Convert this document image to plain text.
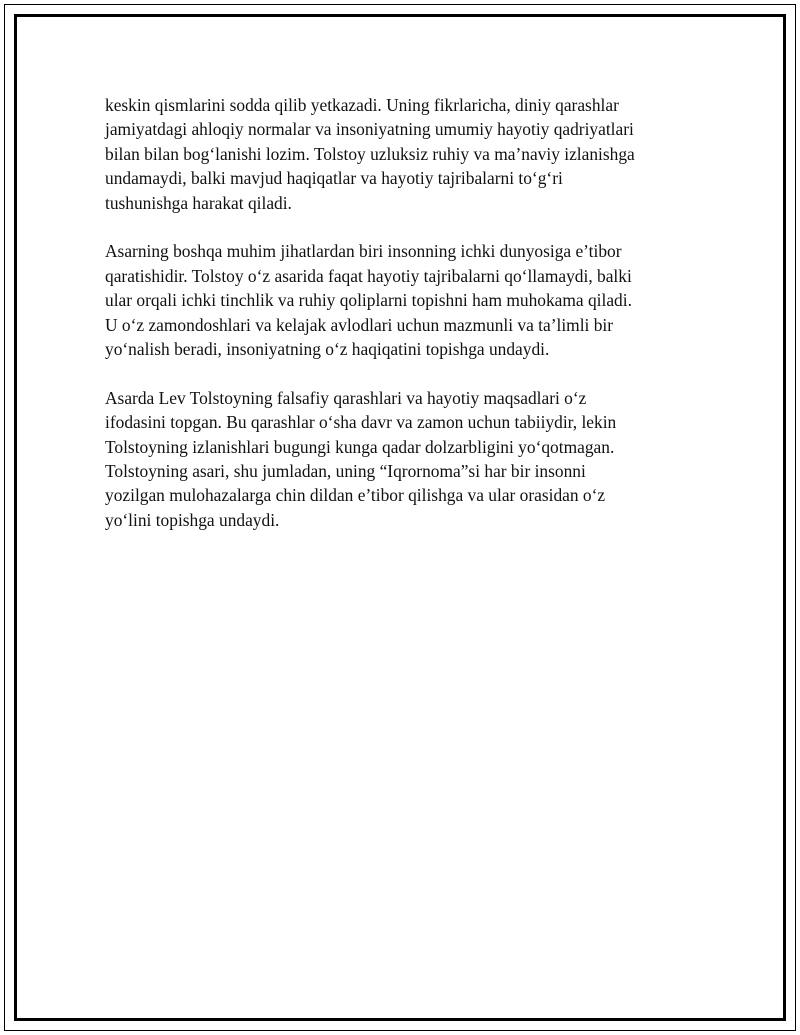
keskin qismlarini sodda qilib yetkazadi. Uning fikrlaricha, diniy qarashlar
jamiyatdagi ahloqiy normalar va insoniyatning umumiy hayotiy qadriyatlari
bilan bilan bog‘lanishi lozim. Tolstoy uzluksiz ruhiy va ma’naviy izlanishga
undamaydi, balki mavjud haqiqatlar va hayotiy tajribalarni to‘g‘ri
tushunishga harakat qiladi.

Asarning boshqa muhim jihatlardan biri insonning ichki dunyosiga e’tibor
qaratishidir. Tolstoy o‘z asarida faqat hayotiy tajribalarni qo‘llamaydi, balki
ular orqali ichki tinchlik va ruhiy qoliplarni topishni ham muhokama qiladi.
U o‘z zamondoshlari va kelajak avlodlari uchun mazmunli va ta’limli bir
yo‘nalish beradi, insoniyatning o‘z haqiqatini topishga undaydi.

Asarda Lev Tolstoyning falsafiy qarashlari va hayotiy maqsadlari o‘z
ifodasini topgan. Bu qarashlar o‘sha davr va zamon uchun tabiiydir, lekin
Tolstoyning izlanishlari bugungi kunga qadar dolzarbligini yo‘qotmagan.
Tolstoyning asari, shu jumladan, uning “Iqrornoma”si har bir insonni
yozilgan mulohazalarga chin dildan e’tibor qilishga va ular orasidan o‘z
yo‘lini topishga undaydi.
